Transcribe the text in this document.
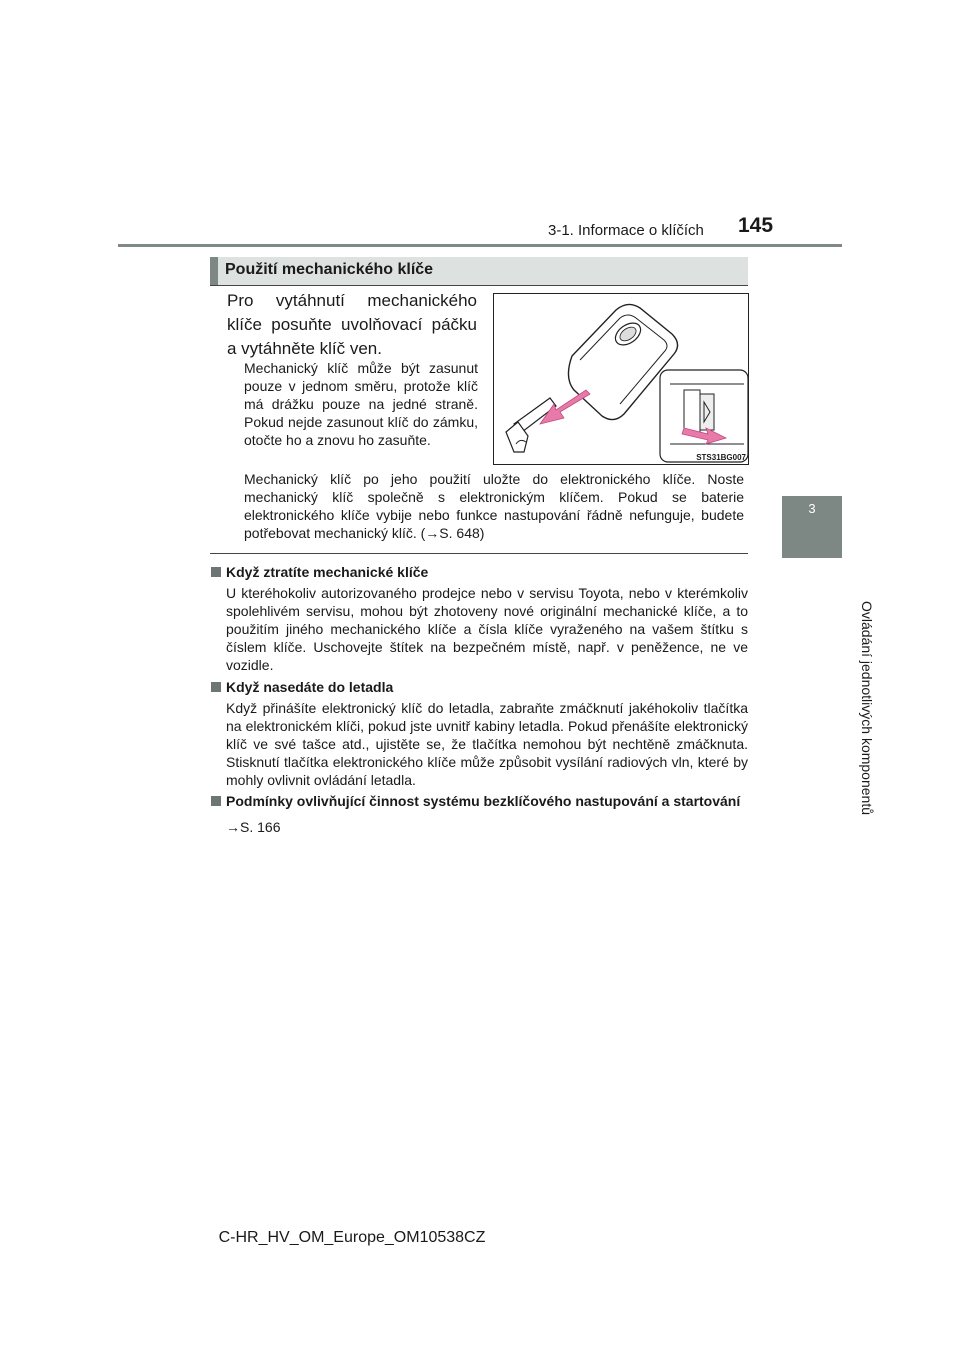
3-1. Informace o klíčích 145
3
Ovládání jednotlivých komponentů
Použití mechanického klíče
Pro vytáhnutí mechanického klíče posuňte uvolňovací páčku a vytáhněte klíč ven.
Mechanický klíč může být zasunut pouze v jednom směru, protože klíč má drážku pouze na jedné straně. Pokud nejde zasunout klíč do zámku, otočte ho a znovu ho zasuňte.
STS31BG007
Mechanický klíč po jeho použití uložte do elektronického klíče. Noste mechanický klíč společně s elektronickým klíčem. Pokud se baterie elektronického klíče vybije nebo funkce nastupování řádně nefunguje, budete potřebovat mechanický klíč. (→S. 648)
Když ztratíte mechanické klíče
U kteréhokoliv autorizovaného prodejce nebo v servisu Toyota, nebo v kterémkoliv spolehlivém servisu, mohou být zhotoveny nové originální mechanické klíče, a to použitím jiného mechanického klíče a čísla klíče vyraženého na vašem štítku s číslem klíče. Uschovejte štítek na bezpečném místě, např. v peněžence, ne ve vozidle.
Když nasedáte do letadla
Když přinášíte elektronický klíč do letadla, zabraňte zmáčknutí jakéhokoliv tlačítka na elektronickém klíči, pokud jste uvnitř kabiny letadla. Pokud přenášíte elektronický klíč ve své tašce atd., ujistěte se, že tlačítka nemohou být nechtěně zmáčknuta. Stisknutí tlačítka elektronického klíče může způsobit vysílání radiových vln, které by mohly ovlivnit ovládání letadla.
Podmínky ovlivňující činnost systému bezklíčového nastupování a startování
→S. 166
C-HR_HV_OM_Europe_OM10538CZ
